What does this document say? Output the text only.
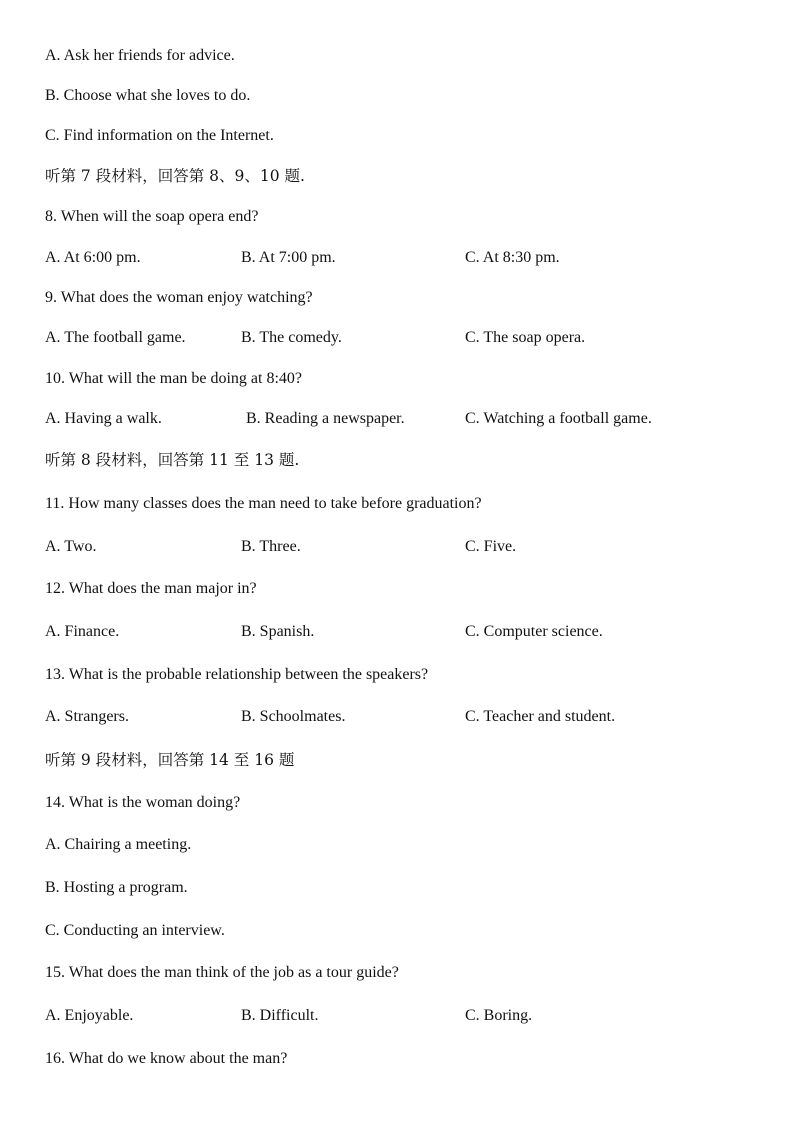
A. Ask her friends for advice.
B. Choose what she loves to do.
C. Find information on the Internet.
听第 7 段材料，回答第 8、9、10 题.
8. When will the soap opera end?
A. At 6:00 pm.	B. At 7:00 pm.	C. At 8:30 pm.
9. What does the woman enjoy watching?
A. The football game.	B. The comedy.	C. The soap opera.
10. What will the man be doing at 8:40?
A. Having a walk.	B. Reading a newspaper.	C. Watching a football game.
听第 8 段材料，回答第 11 至 13 题.
11. How many classes does the man need to take before graduation?
A. Two.	B. Three.	C. Five.
12. What does the man major in?
A. Finance.	B. Spanish.	C. Computer science.
13. What is the probable relationship between the speakers?
A. Strangers.	B. Schoolmates.	C. Teacher and student.
听第 9 段材料，回答第 14 至 16 题
14. What is the woman doing?
A. Chairing a meeting.
B. Hosting a program.
C. Conducting an interview.
15. What does the man think of the job as a tour guide?
A. Enjoyable.	B. Difficult.	C. Boring.
16. What do we know about the man?
